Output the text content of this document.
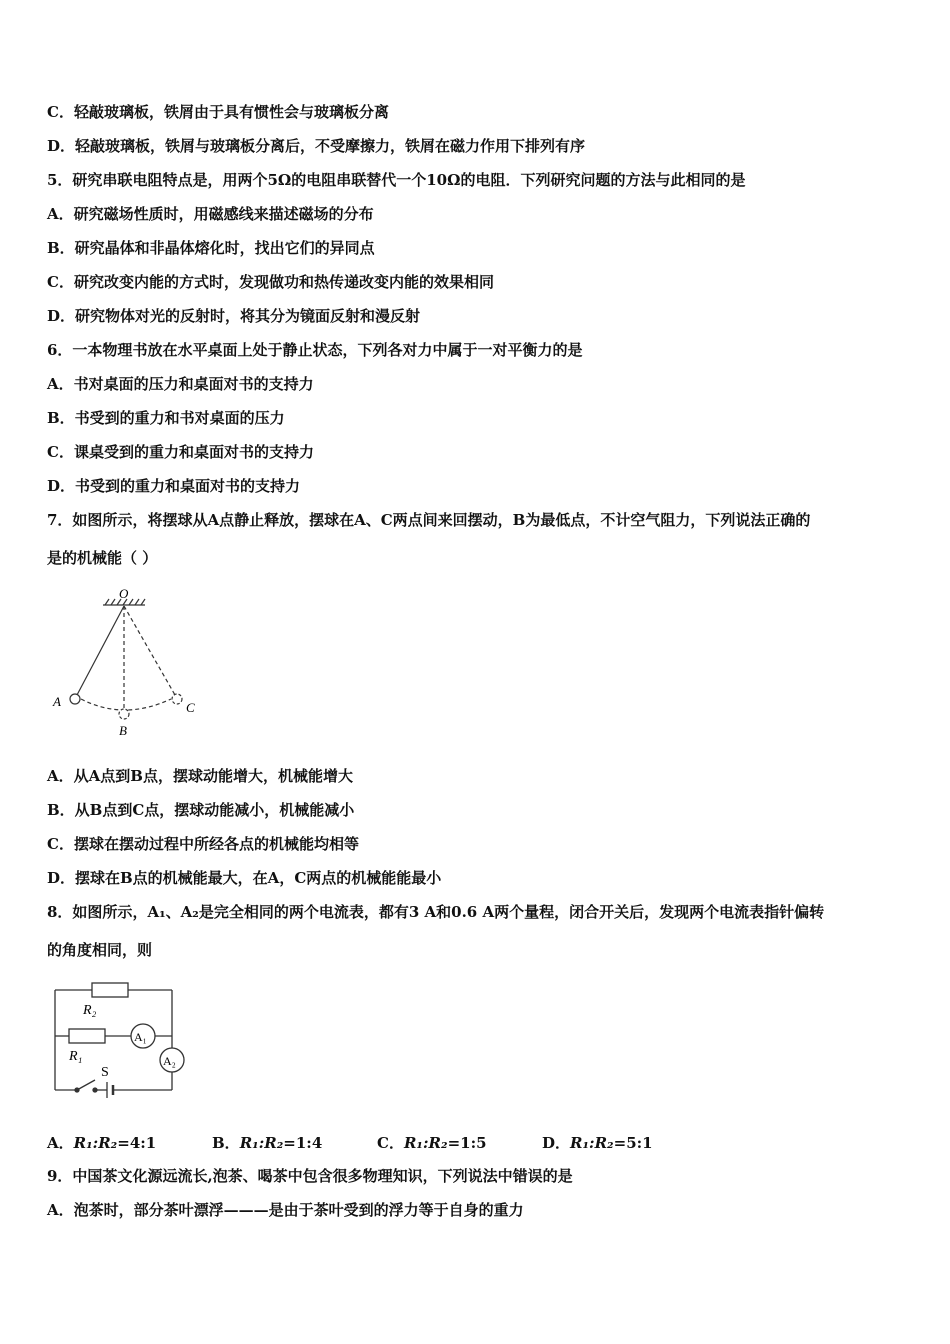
C．轻敲玻璃板，铁屑由于具有惯性会与玻璃板分离
D．轻敲玻璃板，铁屑与玻璃板分离后，不受摩擦力，铁屑在磁力作用下排列有序
5．研究串联电阻特点是，用两个5Ω的电阻串联替代一个10Ω的电阻．下列研究问题的方法与此相同的是
A．研究磁场性质时，用磁感线来描述磁场的分布
B．研究晶体和非晶体熔化时，找出它们的异同点
C．研究改变内能的方式时，发现做功和热传递改变内能的效果相同
D．研究物体对光的反射时，将其分为镜面反射和漫反射
6．一本物理书放在水平桌面上处于静止状态，下列各对力中属于一对平衡力的是
A．书对桌面的压力和桌面对书的支持力
B．书受到的重力和书对桌面的压力
C．课桌受到的重力和桌面对书的支持力
D．书受到的重力和桌面对书的支持力
7．如图所示，将摆球从A点静止释放，摆球在A、C两点间来回摆动，B为最低点，不计空气阻力，下列说法正确的
是的机械能（ ）
O
A
B
C
A．从A点到B点，摆球动能增大，机械能增大
B．从B点到C点，摆球动能减小，机械能减小
C．摆球在摆动过程中所经各点的机械能均相等
D．摆球在B点的机械能最大，在A，C两点的机械能能最小
8．如图所示，A₁、A₂是完全相同的两个电流表，都有3 A和0.6 A两个量程，闭合开关后，发现两个电流表指针偏转
的角度相同，则
R₂
R₁
A₁
A₂
S
A．R₁:R₂=4:1	B．R₁:R₂=1:4	C．R₁:R₂=1:5	D．R₁:R₂=5:1
9．中国茶文化源远流长,泡茶、喝茶中包含很多物理知识，下列说法中错误的是
A．泡茶时，部分茶叶漂浮———是由于茶叶受到的浮力等于自身的重力
